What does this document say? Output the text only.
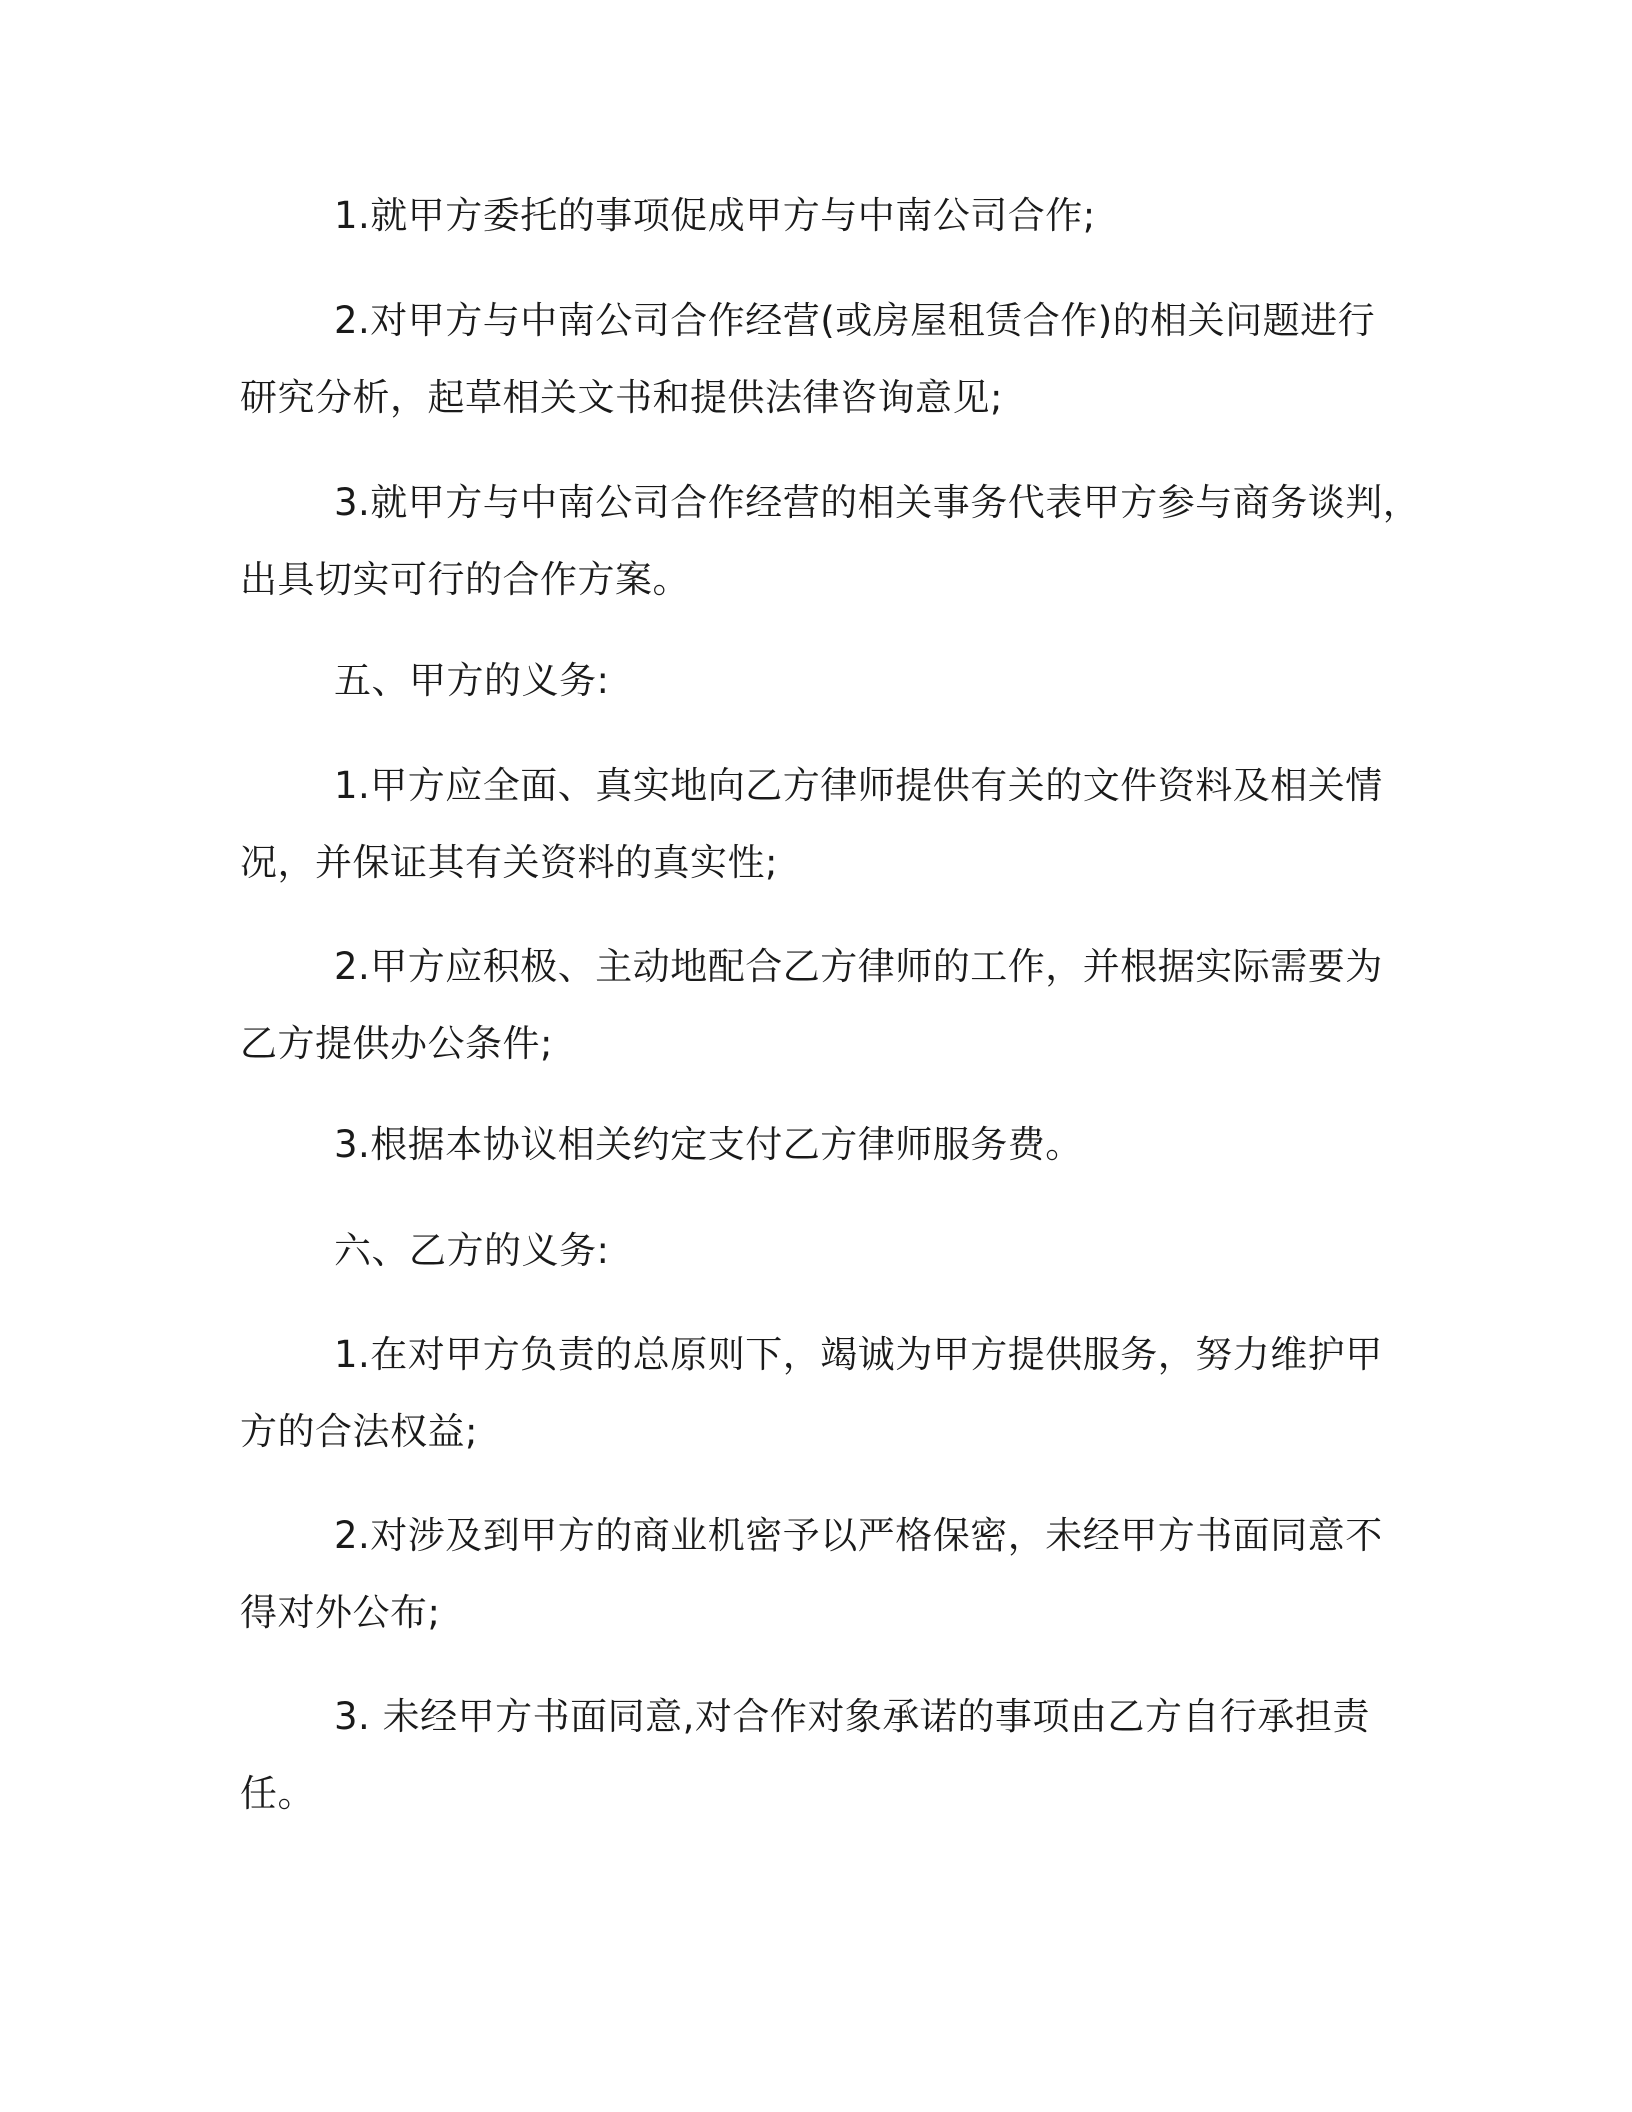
1.就甲方委托的事项促成甲方与中南公司合作;

2.对甲方与中南公司合作经营(或房屋租赁合作)的相关问题进行
研究分析，起草相关文书和提供法律咨询意见;

3.就甲方与中南公司合作经营的相关事务代表甲方参与商务谈判，
出具切实可行的合作方案。

五、甲方的义务:

1.甲方应全面、真实地向乙方律师提供有关的文件资料及相关情
况，并保证其有关资料的真实性;

2.甲方应积极、主动地配合乙方律师的工作，并根据实际需要为
乙方提供办公条件;

3.根据本协议相关约定支付乙方律师服务费。

六、乙方的义务:

1.在对甲方负责的总原则下，竭诚为甲方提供服务，努力维护甲
方的合法权益;

2.对涉及到甲方的商业机密予以严格保密，未经甲方书面同意不
得对外公布;

3. 未经甲方书面同意,对合作对象承诺的事项由乙方自行承担责
任。
